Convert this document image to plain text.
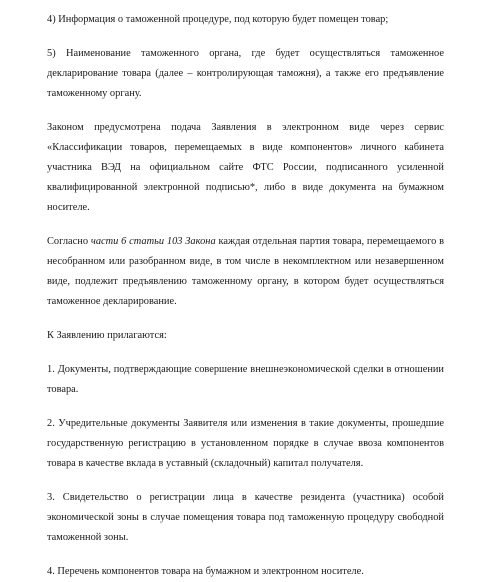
4) Информация о таможенной процедуре, под которую будет помещен товар;

5) Наименование таможенного органа, где будет осуществляться таможенное декларирование товара (далее – контролирующая таможня), а также его предъявление таможенному органу.

Законом предусмотрена подача Заявления в электронном виде через сервис «Классификации товаров, перемещаемых в виде компонентов» личного кабинета участника ВЭД на официальном сайте ФТС России, подписанного усиленной квалифицированной электронной подписью*, либо в виде документа на бумажном носителе.

Согласно части 6 статьи 103 Закона каждая отдельная партия товара, перемещаемого в несобранном или разобранном виде, в том числе в некомплектном или незавершенном виде, подлежит предъявлению таможенному органу, в котором будет осуществляться таможенное декларирование.

К Заявлению прилагаются:

1. Документы, подтверждающие совершение внешнеэкономической сделки в отношении товара.

2. Учредительные документы Заявителя или изменения в такие документы, прошедшие государственную регистрацию в установленном порядке в случае ввоза компонентов товара в качестве вклада в уставный (складочный) капитал получателя.

3. Свидетельство о регистрации лица в качестве резидента (участника) особой экономической зоны в случае помещения товара под таможенную процедуру свободной таможенной зоны.

4. Перечень компонентов товара на бумажном и электронном носителе.
